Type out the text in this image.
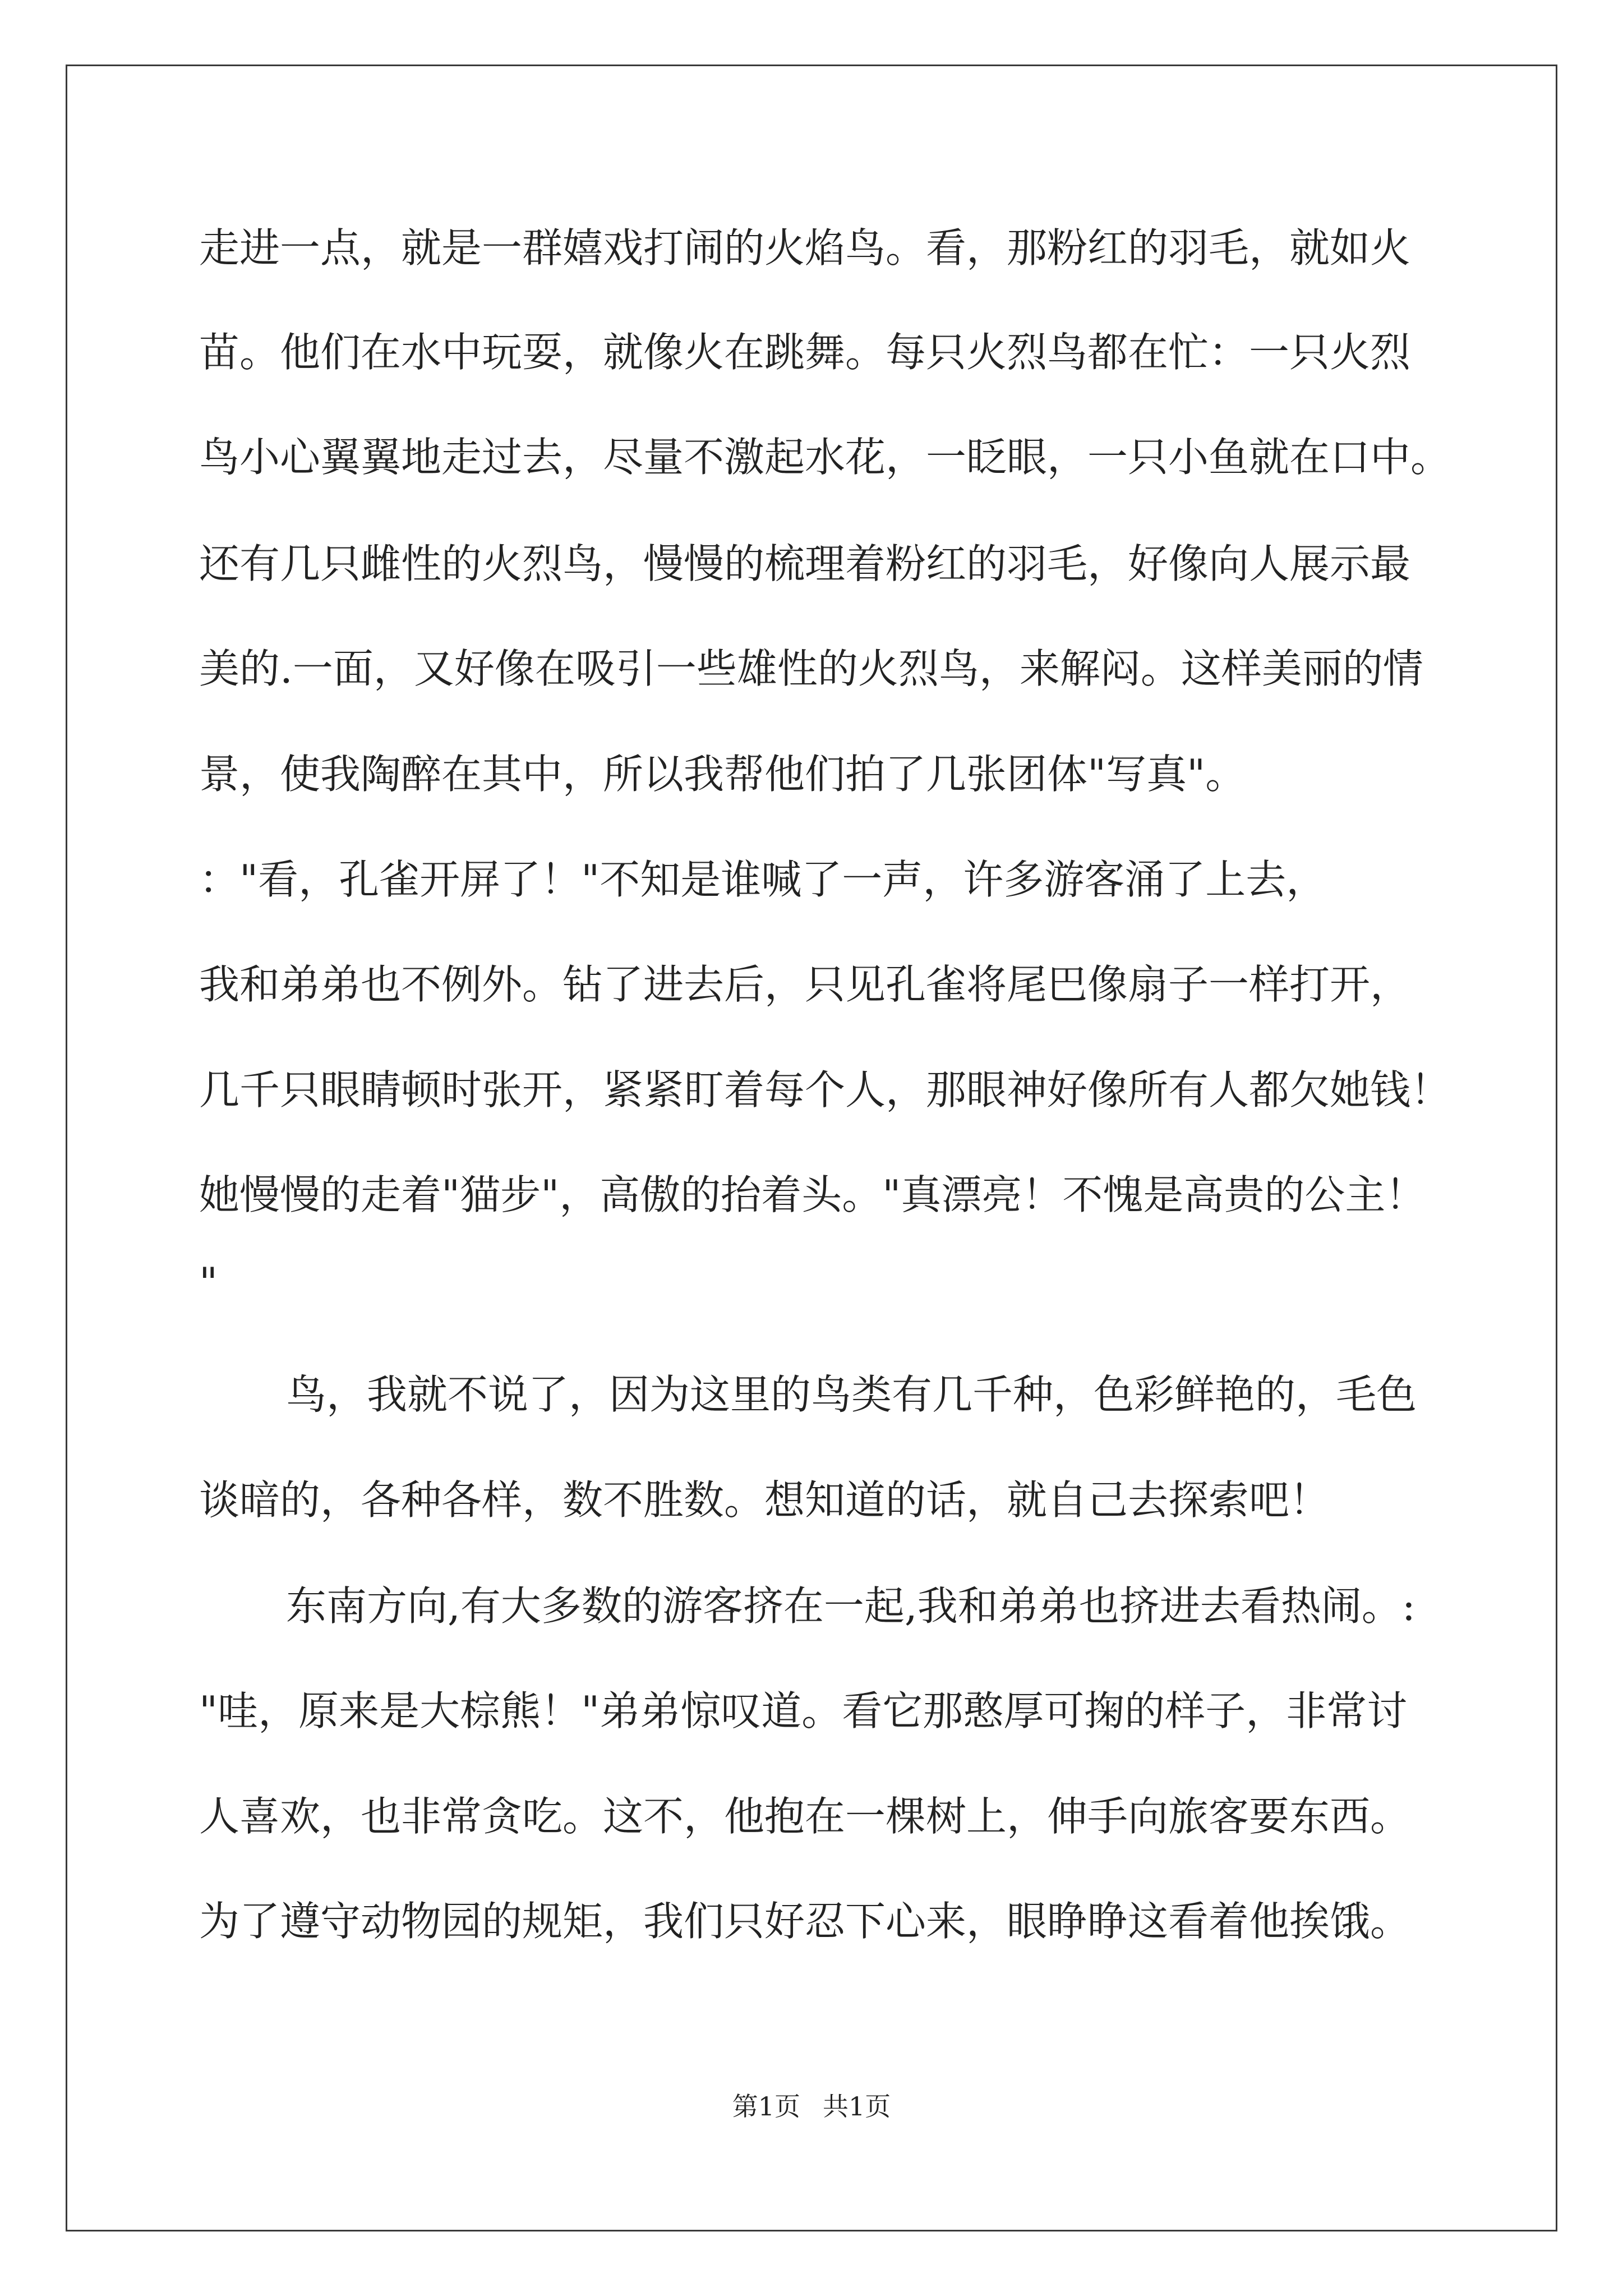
走进一点，就是一群嬉戏打闹的火焰鸟。看，那粉红的羽毛，就如火
苗。他们在水中玩耍，就像火在跳舞。每只火烈鸟都在忙：一只火烈
鸟小心翼翼地走过去，尽量不激起水花，一眨眼，一只小鱼就在口中。
还有几只雌性的火烈鸟，慢慢的梳理着粉红的羽毛，好像向人展示最
美的.一面，又好像在吸引一些雄性的火烈鸟，来解闷。这样美丽的情
景，使我陶醉在其中，所以我帮他们拍了几张团体"写真"。
："看，孔雀开屏了！"不知是谁喊了一声，许多游客涌了上去，
我和弟弟也不例外。钻了进去后，只见孔雀将尾巴像扇子一样打开，
几千只眼睛顿时张开，紧紧盯着每个人，那眼神好像所有人都欠她钱！
她慢慢的走着"猫步"，高傲的抬着头。"真漂亮！不愧是高贵的公主！
"
鸟，我就不说了，因为这里的鸟类有几千种，色彩鲜艳的，毛色
谈暗的，各种各样，数不胜数。想知道的话，就自己去探索吧！
东南方向,有大多数的游客挤在一起,我和弟弟也挤进去看热闹。:
"哇，原来是大棕熊！"弟弟惊叹道。看它那憨厚可掬的样子，非常讨
人喜欢，也非常贪吃。这不，他抱在一棵树上，伸手向旅客要东西。
为了遵守动物园的规矩，我们只好忍下心来，眼睁睁这看着他挨饿。
第1页 共1页
